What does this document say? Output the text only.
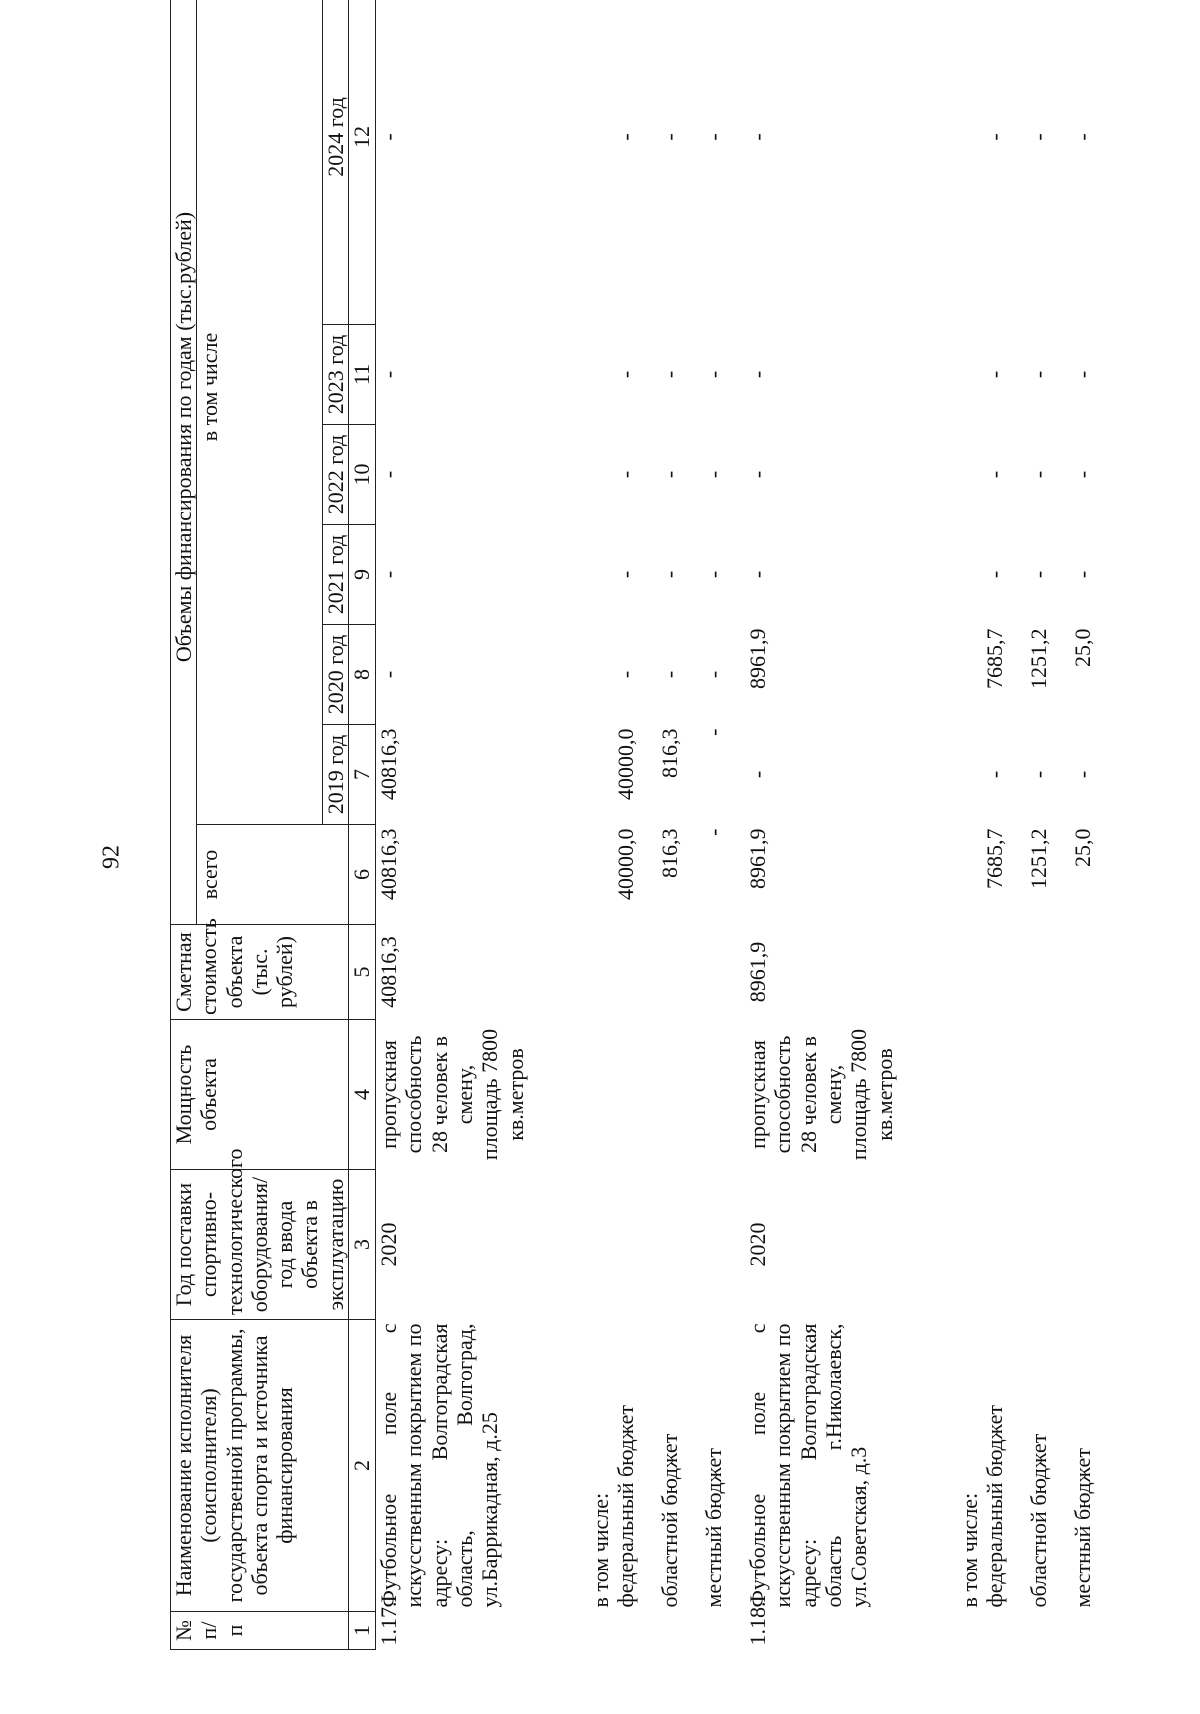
92
№ п/п	Наименование исполнителя (соисполнителя) государственной программы, объекта спорта и источника финансирования	Год поставки спортивно-технологического оборудования/ год ввода объекта в эксплуатацию	Мощность объекта	Сметная стоимость объекта (тыс. рублей)	Объемы финансирования по годам (тыс.рублей)						
					всего	в том числе					
						2019 год	2020 год	2021 год	2022 год	2023 год	2024 год
1	2	3	4	5	6	7	8	9	10	11	12
1.17.	Футбольное поле с искусственным покрытием по адресу: Волгоградская область, Волгоград, ул.Баррикадная, д.25	2020	пропускная способность 28 человек в смену, площадь 7800 кв.метров	40816,3	40816,3	40816,3	-	-	-	-	-

	в том числе:										
	федеральный бюджет				40000,0	40000,0	-	-	-	-	-
	областной бюджет				816,3	816,3	-	-	-	-	-
	местный бюджет				-	-	-	-	-	-	-
1.18.	Футбольное поле с искусственным покрытием по адресу: Волгоградская область г.Николаевск, ул.Советская, д.3	2020	пропускная способность 28 человек в смену, площадь 7800 кв.метров	8961,9	8961,9	-	8961,9	-	-	-	-

	в том числе:										
	федеральный бюджет				7685,7	-	7685,7	-	-	-	-
	областной бюджет				1251,2	-	1251,2	-	-	-	-
	местный бюджет				25,0	-	25,0	-	-	-	-
